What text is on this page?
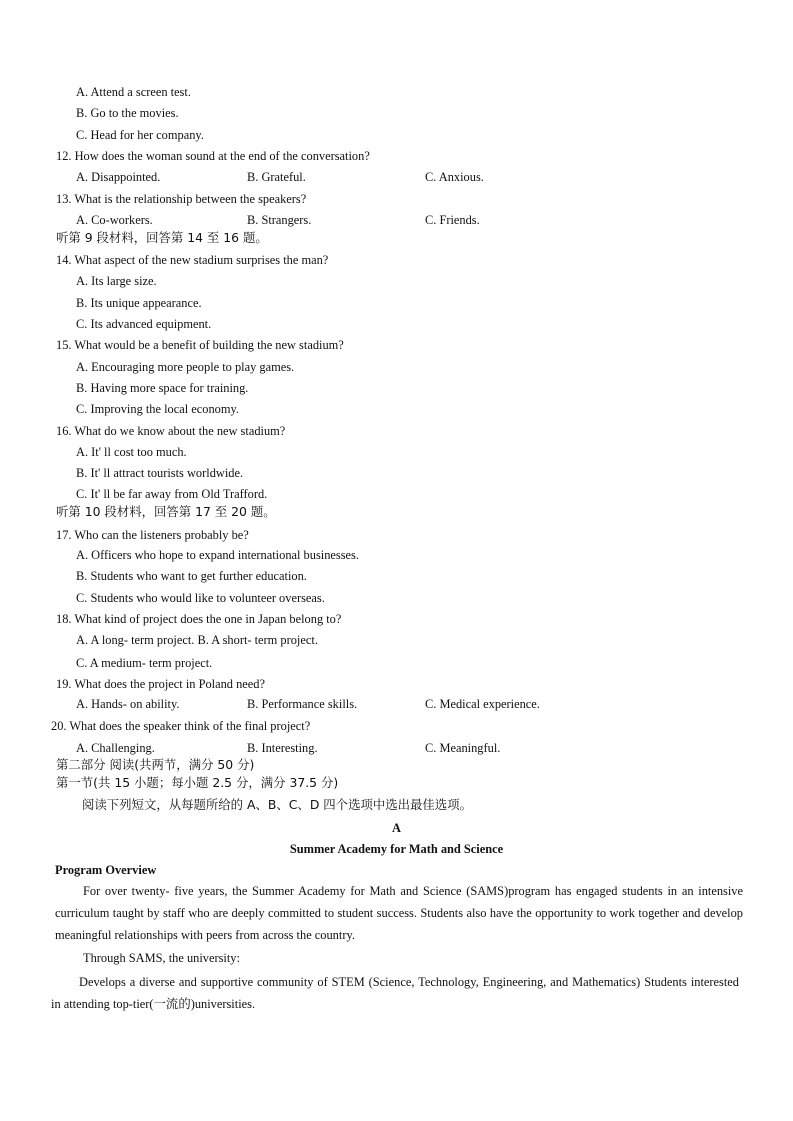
A. Attend a screen test.
B. Go to the movies.
C. Head for her company.
12. How does the woman sound at the end of the conversation?
A. Disappointed.	B. Grateful.	C. Anxious.
13. What is the relationship between the speakers?
A. Co-workers.	B. Strangers.	C. Friends.
听第 9 段材料，回答第 14 至 16 题。
14. What aspect of the new stadium surprises the man?
A. Its large size.
B. Its unique appearance.
C. Its advanced equipment.
15. What would be a benefit of building the new stadium?
A. Encouraging more people to play games.
B. Having more space for training.
C. Improving the local economy.
16. What do we know about the new stadium?
A. It' ll cost too much.
B. It' ll attract tourists worldwide.
C. It' ll be far away from Old Trafford.
听第 10 段材料，回答第 17 至 20 题。
17. Who can the listeners probably be?
A. Officers who hope to expand international businesses.
B. Students who want to get further education.
C. Students who would like to volunteer overseas.
18. What kind of project does the one in Japan belong to?
A. A long- term project. B. A short- term project.
C. A medium- term project.
19. What does the project in Poland need?
A. Hands- on ability.	B. Performance skills.	C. Medical experience.
20. What does the speaker think of the final project?
A. Challenging.	B. Interesting.	C. Meaningful.
第二部分 阅读(共两节，满分 50 分)
第一节(共 15 小题；每小题 2.5 分，满分 37.5 分)
阅读下列短文，从每题所给的 A、B、C、D 四个选项中选出最佳选项。
A
Summer Academy for Math and Science
Program Overview
For over twenty- five years, the Summer Academy for Math and Science (SAMS)program has engaged students in an intensive curriculum taught by staff who are deeply committed to student success. Students also have the opportunity to work together and develop meaningful relationships with peers from across the country.
Through SAMS, the university:
Develops a diverse and supportive community of STEM (Science, Technology, Engineering, and Mathematics) Students interested in attending top-tier(一流的)universities.
